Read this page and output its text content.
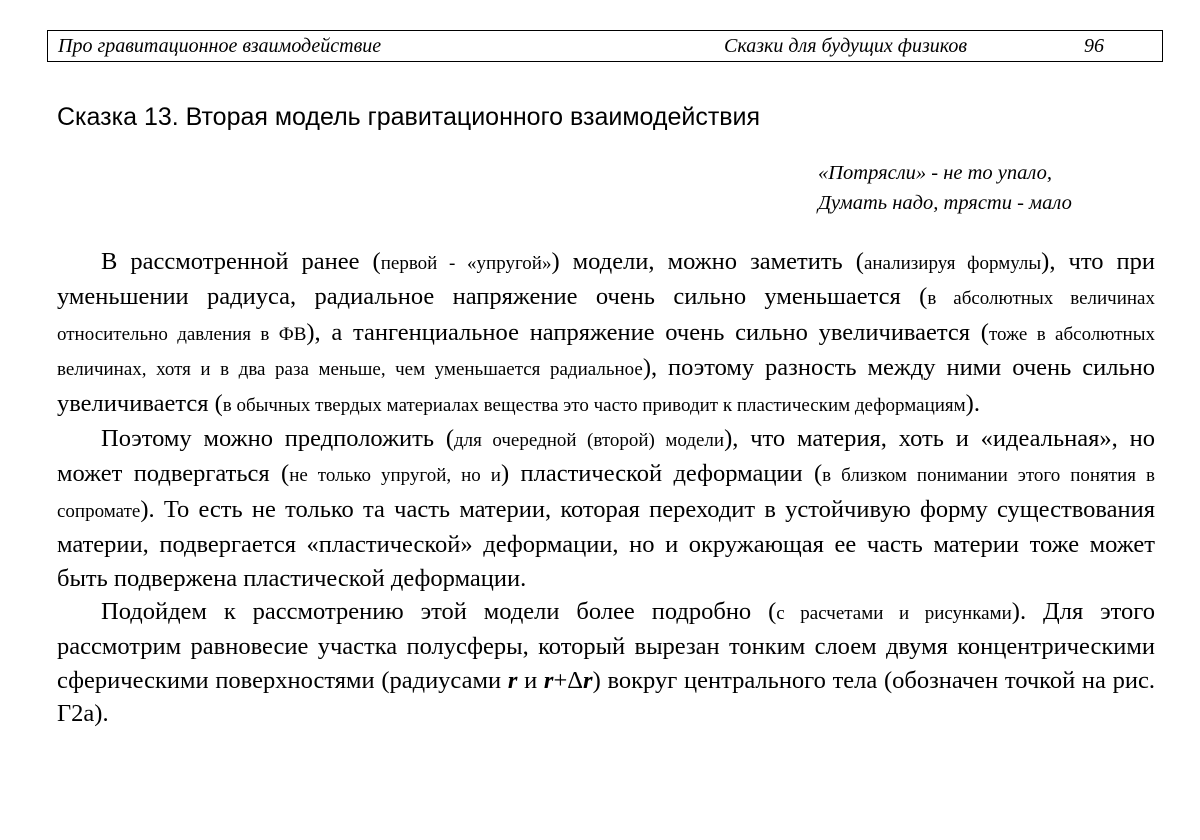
Про гравитационное взаимодействие	Сказки для будущих физиков	96
Сказка 13. Вторая модель гравитационного взаимодействия
«Потрясли» - не то упало,
Думать надо, трясти - мало

В рассмотренной ранее (первой - «упругой») модели, можно заметить (анализируя формулы), что при уменьшении радиуса, радиальное напряжение очень сильно уменьшается (в абсолютных величинах относительно давления в ФВ), а тангенциальное напряжение очень сильно увеличивается (тоже в абсолютных величинах, хотя и в два раза меньше, чем уменьшается радиальное), поэтому разность между ними очень сильно увеличивается (в обычных твердых материалах вещества это часто приводит к пластическим деформациям).

Поэтому можно предположить (для очередной (второй) модели), что материя, хоть и «идеальная», но может подвергаться (не только упругой, но и) пластической деформации (в близком понимании этого понятия в сопромате). То есть не только та часть материи, которая переходит в устойчивую форму существования материи, подвергается «пластической» деформации, но и окружающая ее часть материи тоже может быть подвержена пластической деформации.

Подойдем к рассмотрению этой модели более подробно (с расчетами и рисунками). Для этого рассмотрим равновесие участка полусферы, который вырезан тонким слоем двумя концентрическими сферическими поверхностями (радиусами r и r+Δr) вокруг центрального тела (обозначен точкой на рис. Г2а).
